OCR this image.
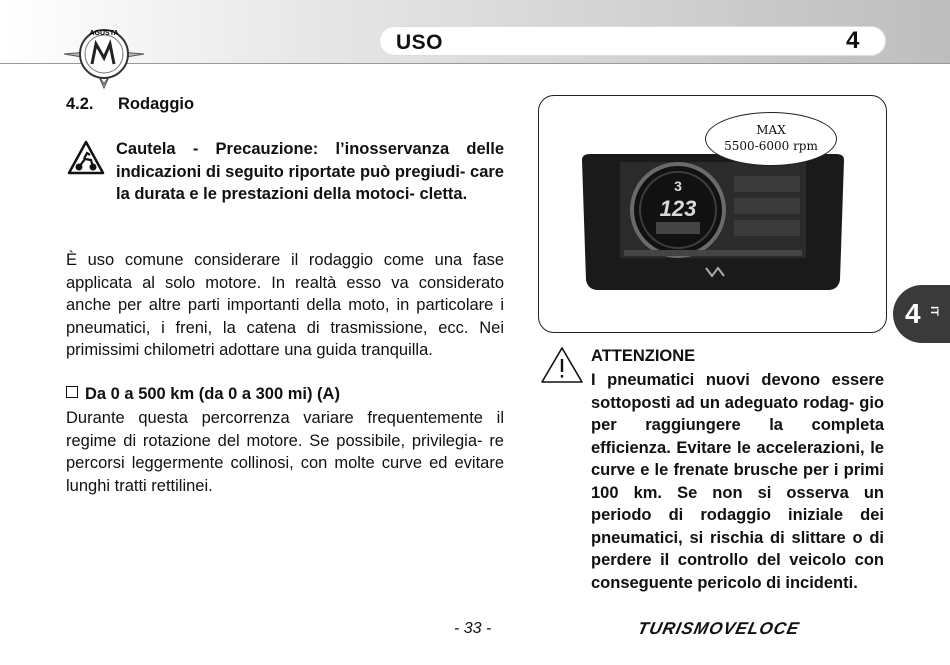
AGUSTA	USO	4
4.2. Rodaggio
Cautela - Precauzione: l’inosservanza delle indicazioni di seguito riportate può pregiudi- care la durata e le prestazioni della motoci- cletta.
È uso comune considerare il rodaggio come una fase applicata al solo motore. In realtà esso va considerato anche per altre parti importanti della moto, in particolare i pneumatici, i freni, la catena di trasmissione, ecc. Nei primissimi chilometri adottare una guida tranquilla.
Da 0 a 500 km (da 0 a 300 mi) (A)
Durante questa percorrenza variare frequentemente il regime di rotazione del motore. Se possibile, privilegia- re percorsi leggermente collinosi, con molte curve ed evitare lunghi tratti rettilinei.
3
123
MAX
5500-6000 rpm
ATTENZIONE
I pneumatici nuovi devono essere sottoposti ad un adeguato rodag- gio per raggiungere la completa efficienza. Evitare le accelerazioni, le curve e le frenate brusche per i primi 100 km. Se non si osserva un periodo di rodaggio iniziale dei pneumatici, si rischia di slittare o di perdere il controllo del veicolo con conseguente pericolo di incidenti.
4 IT
- 33 -	TURISMOVELOCE
